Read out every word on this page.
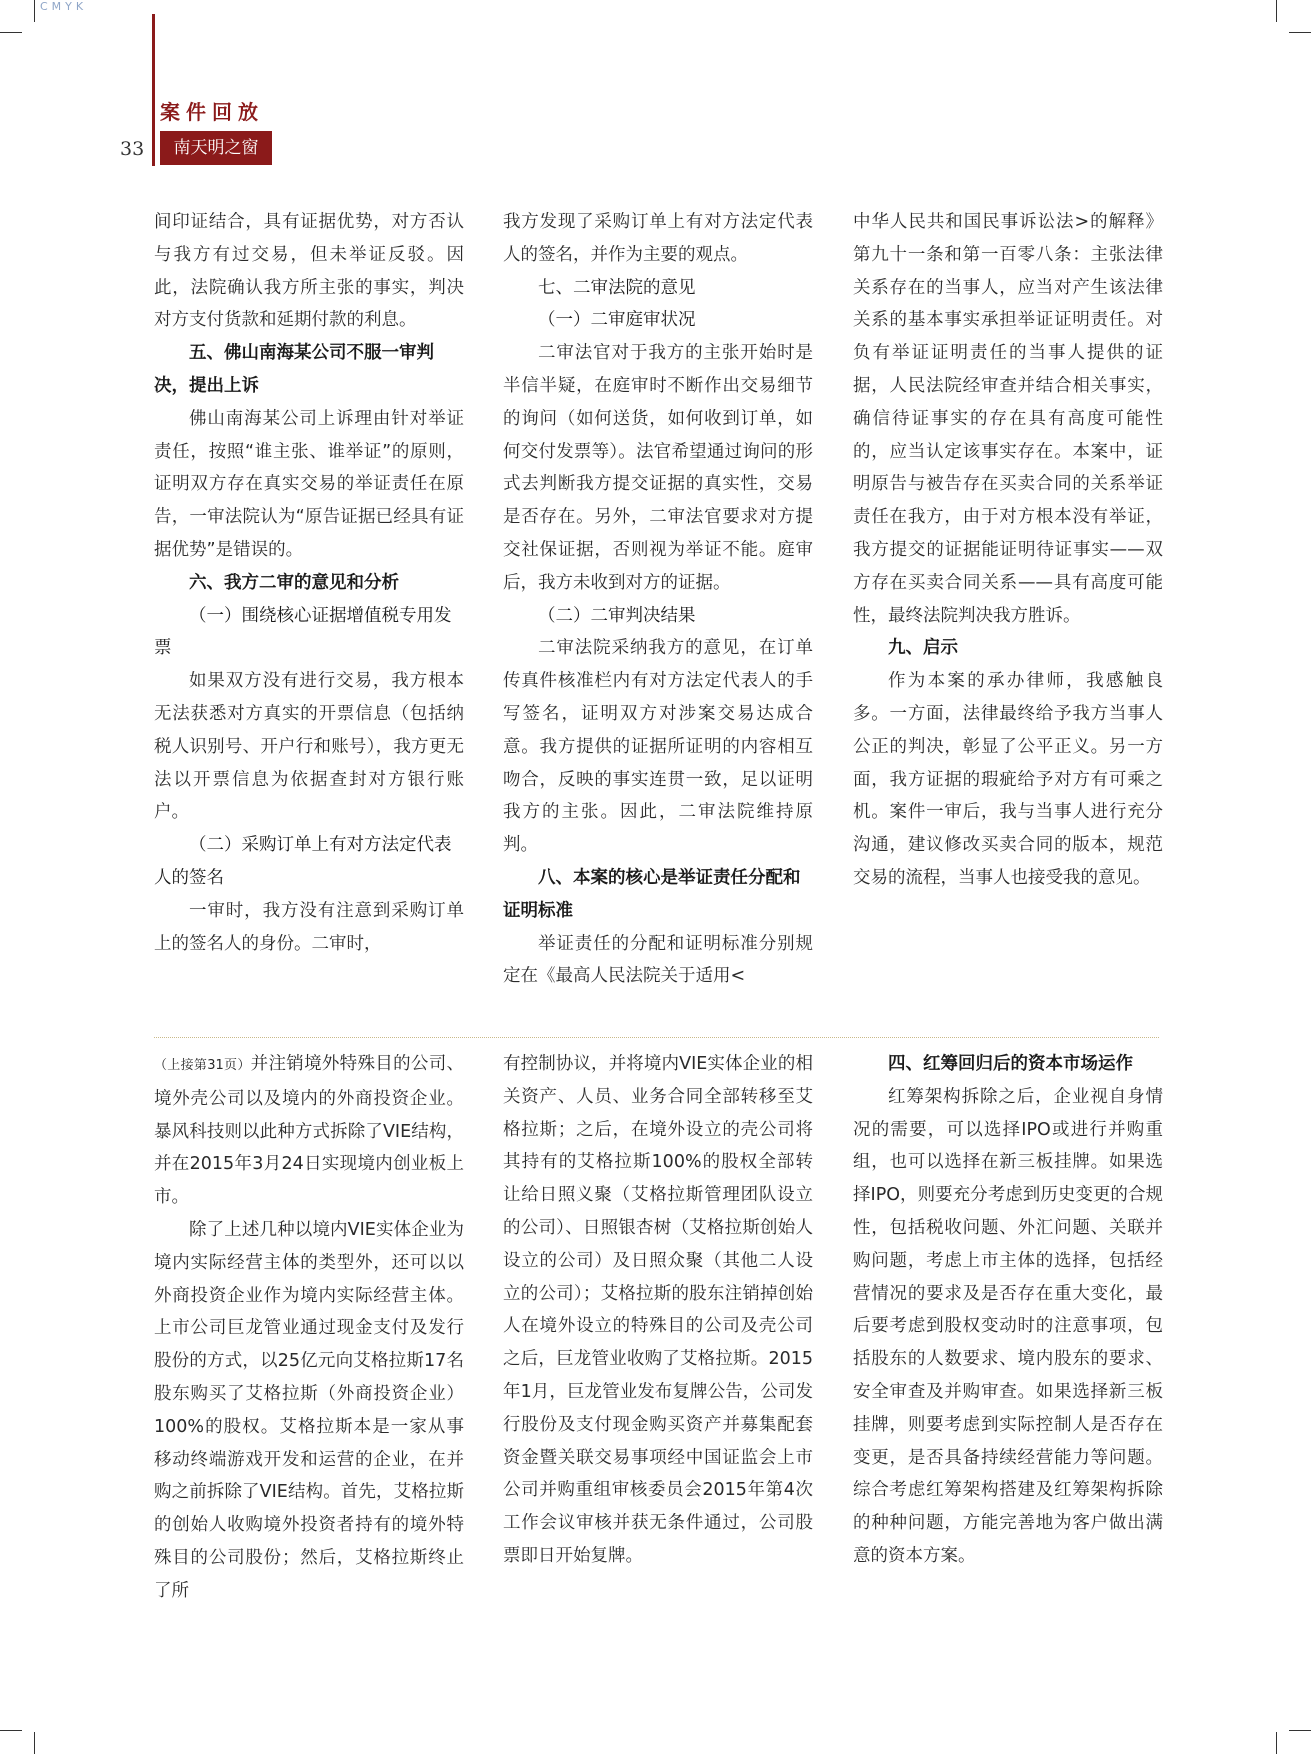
CMYK
案件回放
33	南天明之窗

间印证结合，具有证据优势，对方否认与我方有过交易，但未举证反驳。因此，法院确认我方所主张的事实，判决对方支付货款和延期付款的利息。

五、佛山南海某公司不服一审判决，提出上诉

佛山南海某公司上诉理由针对举证责任，按照“谁主张、谁举证”的原则，证明双方存在真实交易的举证责任在原告，一审法院认为“原告证据已经具有证据优势”是错误的。

六、我方二审的意见和分析
（一）围绕核心证据增值税专用发票

如果双方没有进行交易，我方根本无法获悉对方真实的开票信息（包括纳税人识别号、开户行和账号），我方更无法以开票信息为依据查封对方银行账户。

（二）采购订单上有对方法定代表人的签名

一审时，我方没有注意到采购订单上的签名人的身份。二审时，

我方发现了采购订单上有对方法定代表人的签名，并作为主要的观点。

七、二审法院的意见
（一）二审庭审状况

二审法官对于我方的主张开始时是半信半疑，在庭审时不断作出交易细节的询问（如何送货，如何收到订单，如何交付发票等）。法官希望通过询问的形式去判断我方提交证据的真实性，交易是否存在。另外，二审法官要求对方提交社保证据，否则视为举证不能。庭审后，我方未收到对方的证据。

（二）二审判决结果

二审法院采纳我方的意见，在订单传真件核准栏内有对方法定代表人的手写签名，证明双方对涉案交易达成合意。我方提供的证据所证明的内容相互吻合，反映的事实连贯一致，足以证明我方的主张。因此，二审法院维持原判。

八、本案的核心是举证责任分配和证明标准

举证责任的分配和证明标准分别规定在《最高人民法院关于适用<

中华人民共和国民事诉讼法>的解释》第九十一条和第一百零八条：主张法律关系存在的当事人，应当对产生该法律关系的基本事实承担举证证明责任。对负有举证证明责任的当事人提供的证据，人民法院经审查并结合相关事实，确信待证事实的存在具有高度可能性的，应当认定该事实存在。本案中，证明原告与被告存在买卖合同的关系举证责任在我方，由于对方根本没有举证，我方提交的证据能证明待证事实——双方存在买卖合同关系——具有高度可能性，最终法院判决我方胜诉。

九、启示

作为本案的承办律师，我感触良多。一方面，法律最终给予我方当事人公正的判决，彰显了公平正义。另一方面，我方证据的瑕疵给予对方有可乘之机。案件一审后，我与当事人进行充分沟通，建议修改买卖合同的版本，规范交易的流程，当事人也接受我的意见。

（上接第31页）并注销境外特殊目的公司、境外壳公司以及境内的外商投资企业。暴风科技则以此种方式拆除了VIE结构，并在2015年3月24日实现境内创业板上市。

除了上述几种以境内VIE实体企业为境内实际经营主体的类型外，还可以以外商投资企业作为境内实际经营主体。上市公司巨龙管业通过现金支付及发行股份的方式，以25亿元向艾格拉斯17名股东购买了艾格拉斯（外商投资企业）100%的股权。艾格拉斯本是一家从事移动终端游戏开发和运营的企业，在并购之前拆除了VIE结构。首先，艾格拉斯的创始人收购境外投资者持有的境外特殊目的公司股份；然后，艾格拉斯终止了所

有控制协议，并将境内VIE实体企业的相关资产、人员、业务合同全部转移至艾格拉斯；之后，在境外设立的壳公司将其持有的艾格拉斯100%的股权全部转让给日照义聚（艾格拉斯管理团队设立的公司）、日照银杏树（艾格拉斯创始人设立的公司）及日照众聚（其他二人设立的公司）；艾格拉斯的股东注销掉创始人在境外设立的特殊目的公司及壳公司之后，巨龙管业收购了艾格拉斯。2015年1月，巨龙管业发布复牌公告，公司发行股份及支付现金购买资产并募集配套资金暨关联交易事项经中国证监会上市公司并购重组审核委员会2015年第4次工作会议审核并获无条件通过，公司股票即日开始复牌。

四、红筹回归后的资本市场运作

红筹架构拆除之后，企业视自身情况的需要，可以选择IPO或进行并购重组，也可以选择在新三板挂牌。如果选择IPO，则要充分考虑到历史变更的合规性，包括税收问题、外汇问题、关联并购问题，考虑上市主体的选择，包括经营情况的要求及是否存在重大变化，最后要考虑到股权变动时的注意事项，包括股东的人数要求、境内股东的要求、安全审查及并购审查。如果选择新三板挂牌，则要考虑到实际控制人是否存在变更，是否具备持续经营能力等问题。综合考虑红筹架构搭建及红筹架构拆除的种种问题，方能完善地为客户做出满意的资本方案。
